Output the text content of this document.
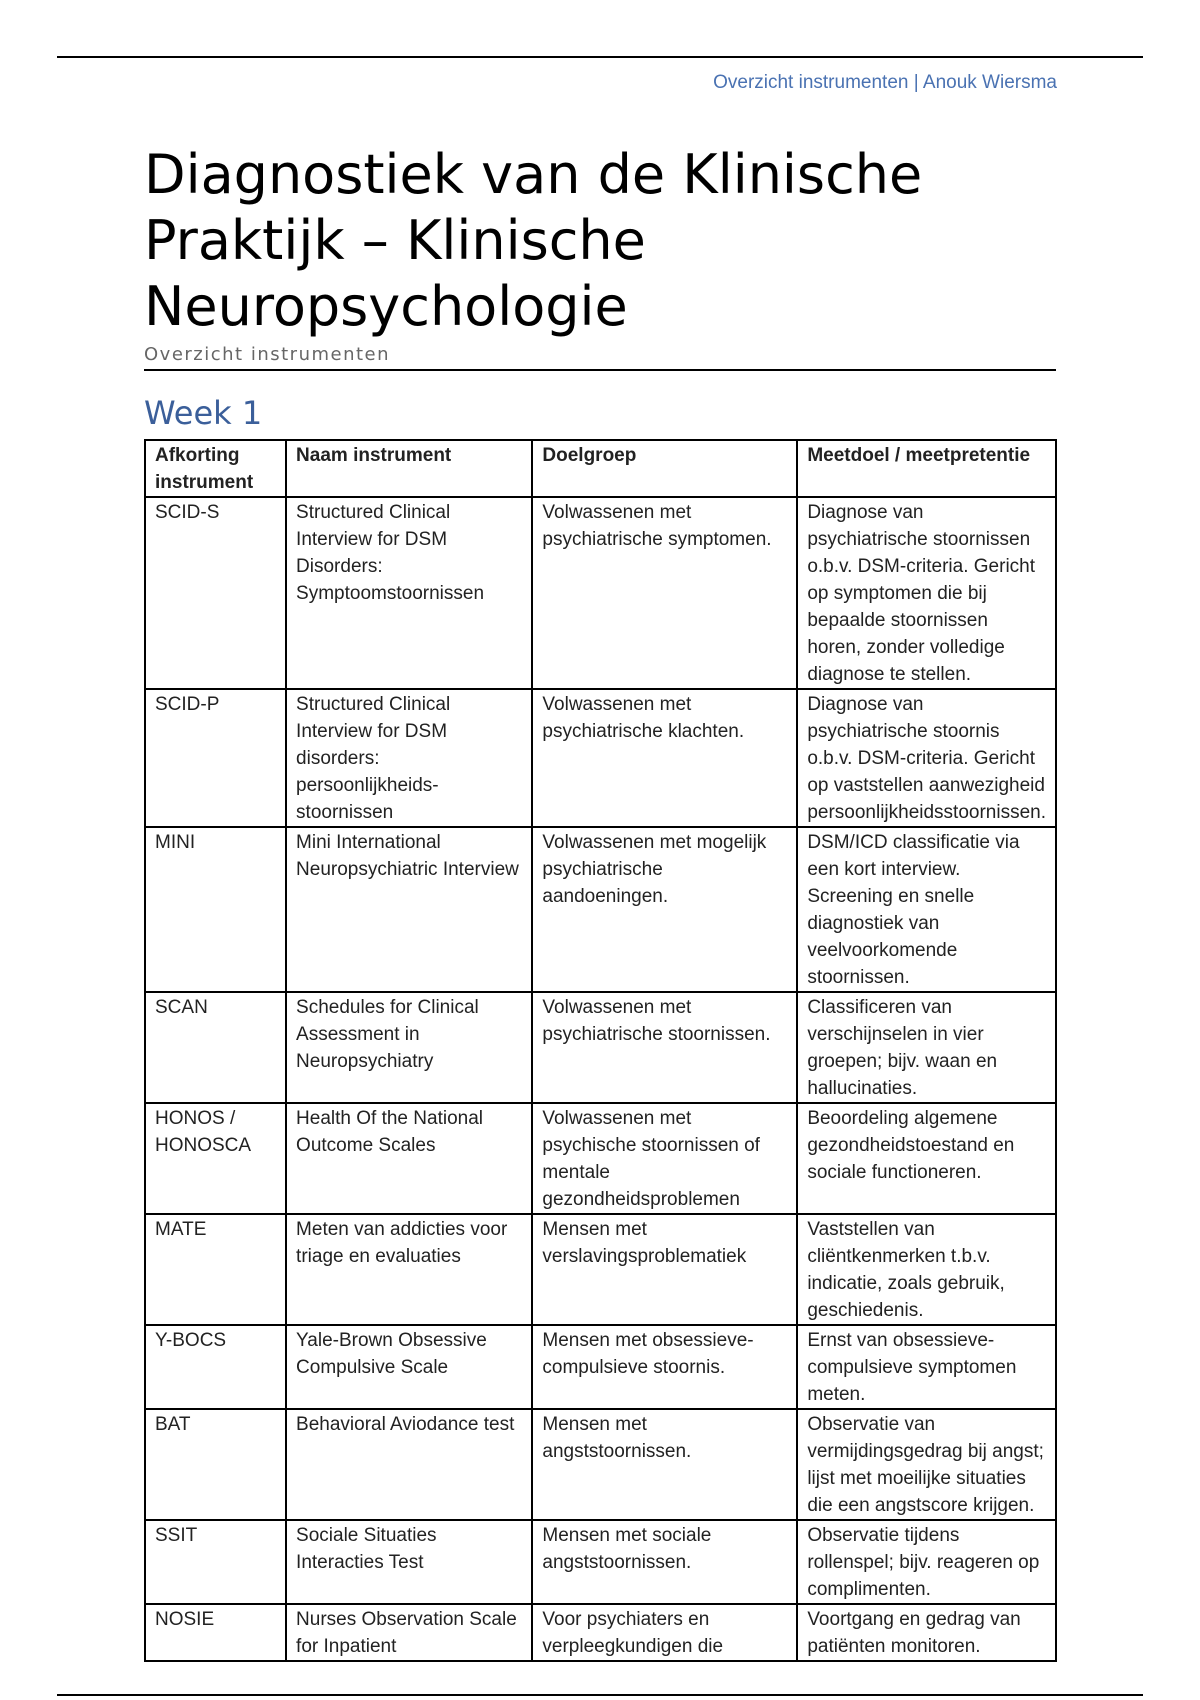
Overzicht instrumenten | Anouk Wiersma
Diagnostiek van de Klinische Praktijk – Klinische Neuropsychologie
Overzicht instrumenten
Week 1
Afkorting instrument	Naam instrument	Doelgroep	Meetdoel / meetpretentie
SCID-S	Structured Clinical Interview for DSM Disorders: Symptoomstoornissen	Volwassenen met psychiatrische symptomen.	Diagnose van psychiatrische stoornissen o.b.v. DSM-criteria. Gericht op symptomen die bij bepaalde stoornissen horen, zonder volledige diagnose te stellen.
SCID-P	Structured Clinical Interview for DSM disorders: persoonlijkheids-stoornissen	Volwassenen met psychiatrische klachten.	Diagnose van psychiatrische stoornis o.b.v. DSM-criteria. Gericht op vaststellen aanwezigheid persoonlijkheidsstoornissen.
MINI	Mini International Neuropsychiatric Interview	Volwassenen met mogelijk psychiatrische aandoeningen.	DSM/ICD classificatie via een kort interview. Screening en snelle diagnostiek van veelvoorkomende stoornissen.
SCAN	Schedules for Clinical Assessment in Neuropsychiatry	Volwassenen met psychiatrische stoornissen.	Classificeren van verschijnselen in vier groepen; bijv. waan en hallucinaties.
HONOS / HONOSCA	Health Of the National Outcome Scales	Volwassenen met psychische stoornissen of mentale gezondheidsproblemen	Beoordeling algemene gezondheidstoestand en sociale functioneren.
MATE	Meten van addicties voor triage en evaluaties	Mensen met verslavingsproblematiek	Vaststellen van cliëntkenmerken t.b.v. indicatie, zoals gebruik, geschiedenis.
Y-BOCS	Yale-Brown Obsessive Compulsive Scale	Mensen met obsessieve-compulsieve stoornis.	Ernst van obsessieve-compulsieve symptomen meten.
BAT	Behavioral Aviodance test	Mensen met angststoornissen.	Observatie van vermijdingsgedrag bij angst; lijst met moeilijke situaties die een angstscore krijgen.
SSIT	Sociale Situaties Interacties Test	Mensen met sociale angststoornissen.	Observatie tijdens rollenspel; bijv. reageren op complimenten.
NOSIE	Nurses Observation Scale for Inpatient	Voor psychiaters en verpleegkundigen die	Voortgang en gedrag van patiënten monitoren.
